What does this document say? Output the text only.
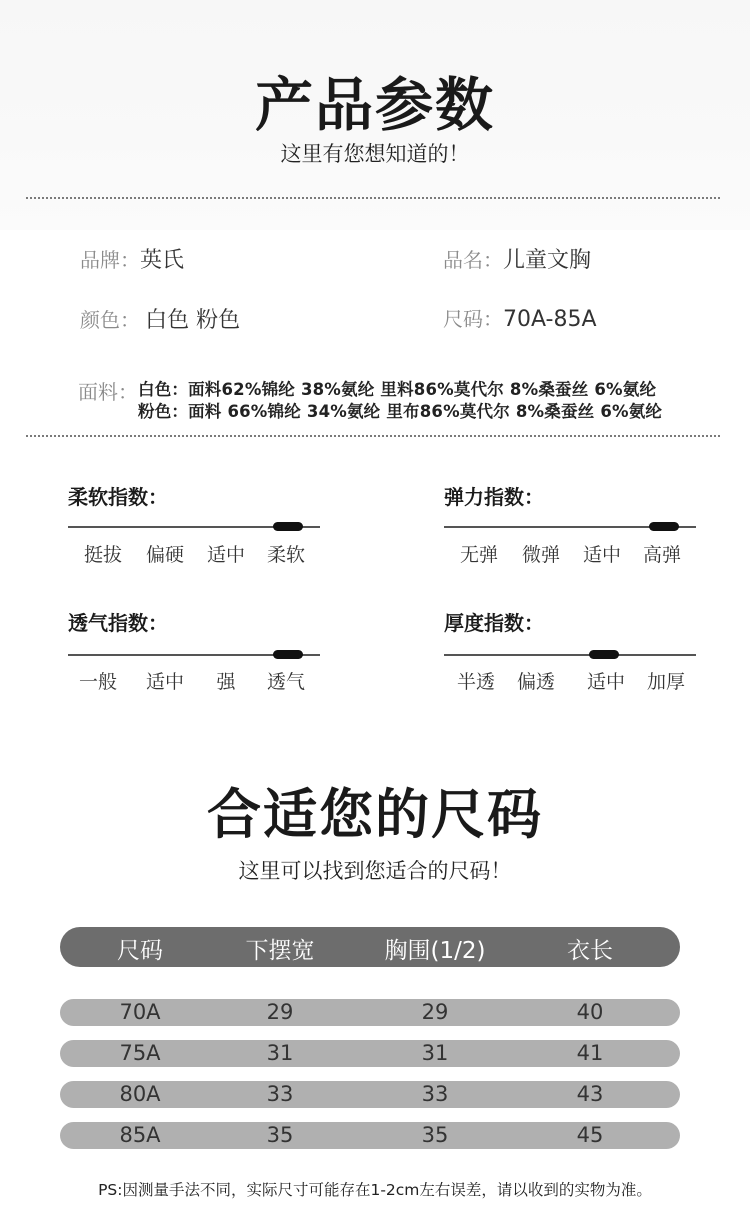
产品参数
这里有您想知道的！
品牌：英氏	品名：儿童文胸
颜色： 白色 粉色	尺码：70A-85A
面料： 白色：面料62%锦纶 38%氨纶 里料86%莫代尔 8%桑蚕丝 6%氨纶
粉色：面料 66%锦纶 34%氨纶 里布86%莫代尔 8%桑蚕丝 6%氨纶
柔软指数：
挺拔	偏硬	适中	柔软
弹力指数：
无弹	微弹	适中	高弹
透气指数：
一般	适中	强	透气
厚度指数：
半透	偏透	适中	加厚
合适您的尺码
这里可以找到您适合的尺码！
尺码	下摆宽	胸围(1/2)	衣长
70A	29	29	40
75A	31	31	41
80A	33	33	43
85A	35	35	45
PS:因测量手法不同，实际尺寸可能存在1-2cm左右误差，请以收到的实物为准。
